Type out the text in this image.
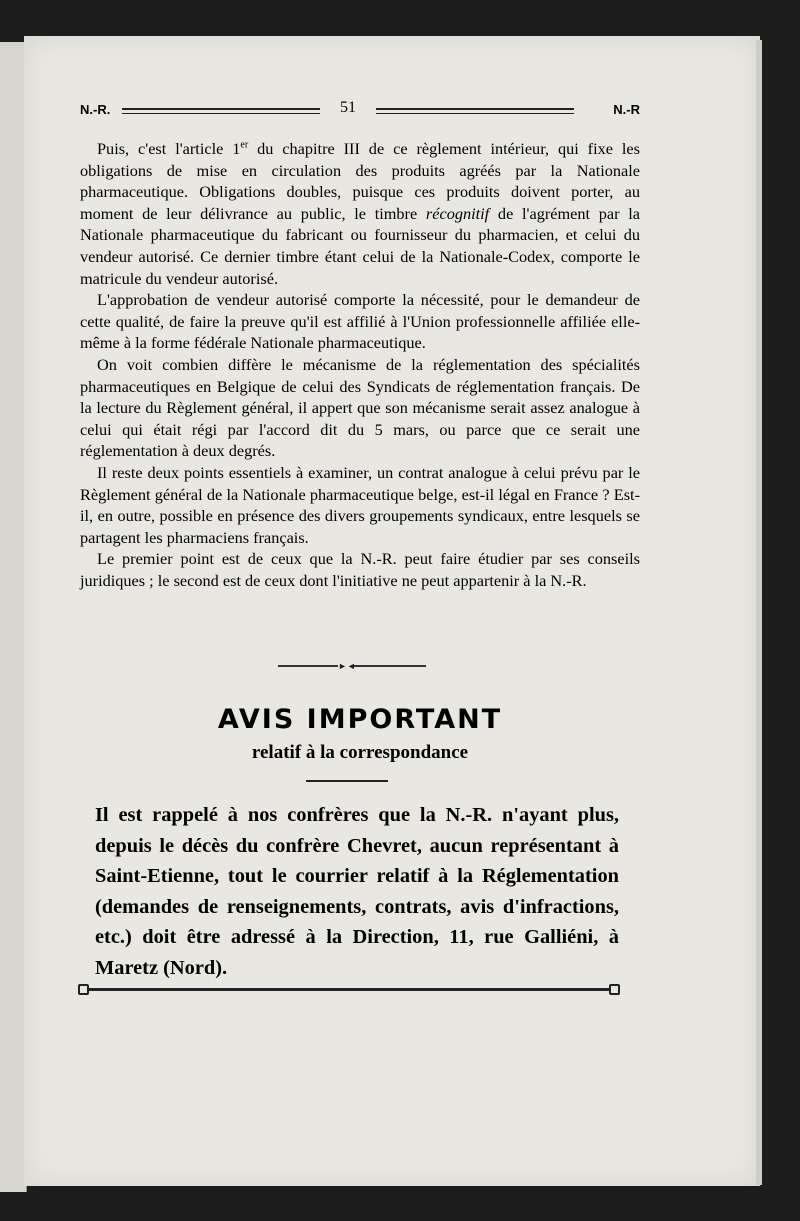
N.-R.	51	N.-R

Puis, c'est l'article 1er du chapitre III de ce règlement intérieur, qui fixe les obligations de mise en circulation des produits agréés par la Nationale pharmaceutique. Obligations doubles, puisque ces produits doivent porter, au moment de leur délivrance au public, le timbre récognitif de l'agrément par la Nationale pharmaceutique du fabricant ou fournisseur du pharmacien, et celui du vendeur autorisé. Ce dernier timbre étant celui de la Nationale-Codex, comporte le matricule du vendeur autorisé.

L'approbation de vendeur autorisé comporte la nécessité, pour le demandeur de cette qualité, de faire la preuve qu'il est affilié à l'Union professionnelle affiliée elle-même à la forme fédérale Nationale pharmaceutique.

On voit combien diffère le mécanisme de la réglementation des spécialités pharmaceutiques en Belgique de celui des Syndicats de réglementation français. De la lecture du Règlement général, il appert que son mécanisme serait assez analogue à celui qui était régi par l'accord dit du 5 mars, ou parce que ce serait une réglementation à deux degrés.

Il reste deux points essentiels à examiner, un contrat analogue à celui prévu par le Règlement général de la Nationale pharmaceutique belge, est-il légal en France ? Est-il, en outre, possible en présence des divers groupements syndicaux, entre lesquels se partagent les pharmaciens français.

Le premier point est de ceux que la N.-R. peut faire étudier par ses conseils juridiques ; le second est de ceux dont l'initiative ne peut appartenir à la N.-R.

►◄
AVIS IMPORTANT
relatif à la correspondance

Il est rappelé à nos confrères que la N.-R. n'ayant plus, depuis le décès du confrère Chevret, aucun représentant à Saint-Etienne, tout le courrier relatif à la Réglementation (demandes de renseignements, contrats, avis d'infractions, etc.) doit être adressé à la Direction, 11, rue Galliéni, à Maretz (Nord).
